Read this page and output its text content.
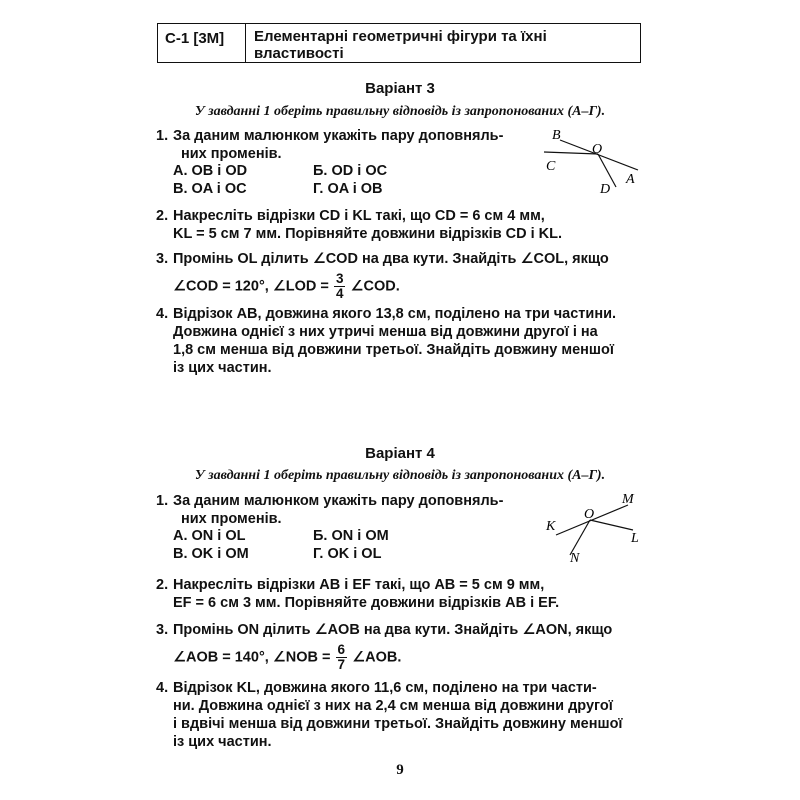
С-1 [3М]	Елементарні геометричні фігури та їхні
властивості
Варіант 3
У завданні 1 оберіть правильну відповідь із запропонованих (А–Г).
1. За даним малюнком укажіть пару доповняль-
них променів.
А. OB і OD	Б. OD і OC
В. OA і OC	Г. OA і OB
B
O
C
A
D
2. Накресліть відрізки CD і KL такі, що CD = 6 см 4 мм,
KL = 5 см 7 мм. Порівняйте довжини відрізків CD і KL.
3. Промінь OL ділить ∠COD на два кути. Знайдіть ∠COL, якщо
∠COD = 120°, ∠LOD = $\frac{3}{4}$ ∠COD.
4. Відрізок AB, довжина якого 13,8 см, поділено на три частини.
Довжина однієї з них утричі менша від довжини другої і на
1,8 см менша від довжини третьої. Знайдіть довжину меншої
із цих частин.
Варіант 4
У завданні 1 оберіть правильну відповідь із запропонованих (А–Г).
1. За даним малюнком укажіть пару доповняль-
них променів.
А. ON і OL	Б. ON і OM
В. OK і OM	Г. OK і OL
M
O
K
L
N
2. Накресліть відрізки AB і EF такі, що AB = 5 см 9 мм,
EF = 6 см 3 мм. Порівняйте довжини відрізків AB і EF.
3. Промінь ON ділить ∠AOB на два кути. Знайдіть ∠AON, якщо
∠AOB = 140°, ∠NOB = $\frac{6}{7}$ ∠AOB.
4. Відрізок KL, довжина якого 11,6 см, поділено на три части-
ни. Довжина однієї з них на 2,4 см менша від довжини другої
і вдвічі менша від довжини третьої. Знайдіть довжину меншої
із цих частин.
9
